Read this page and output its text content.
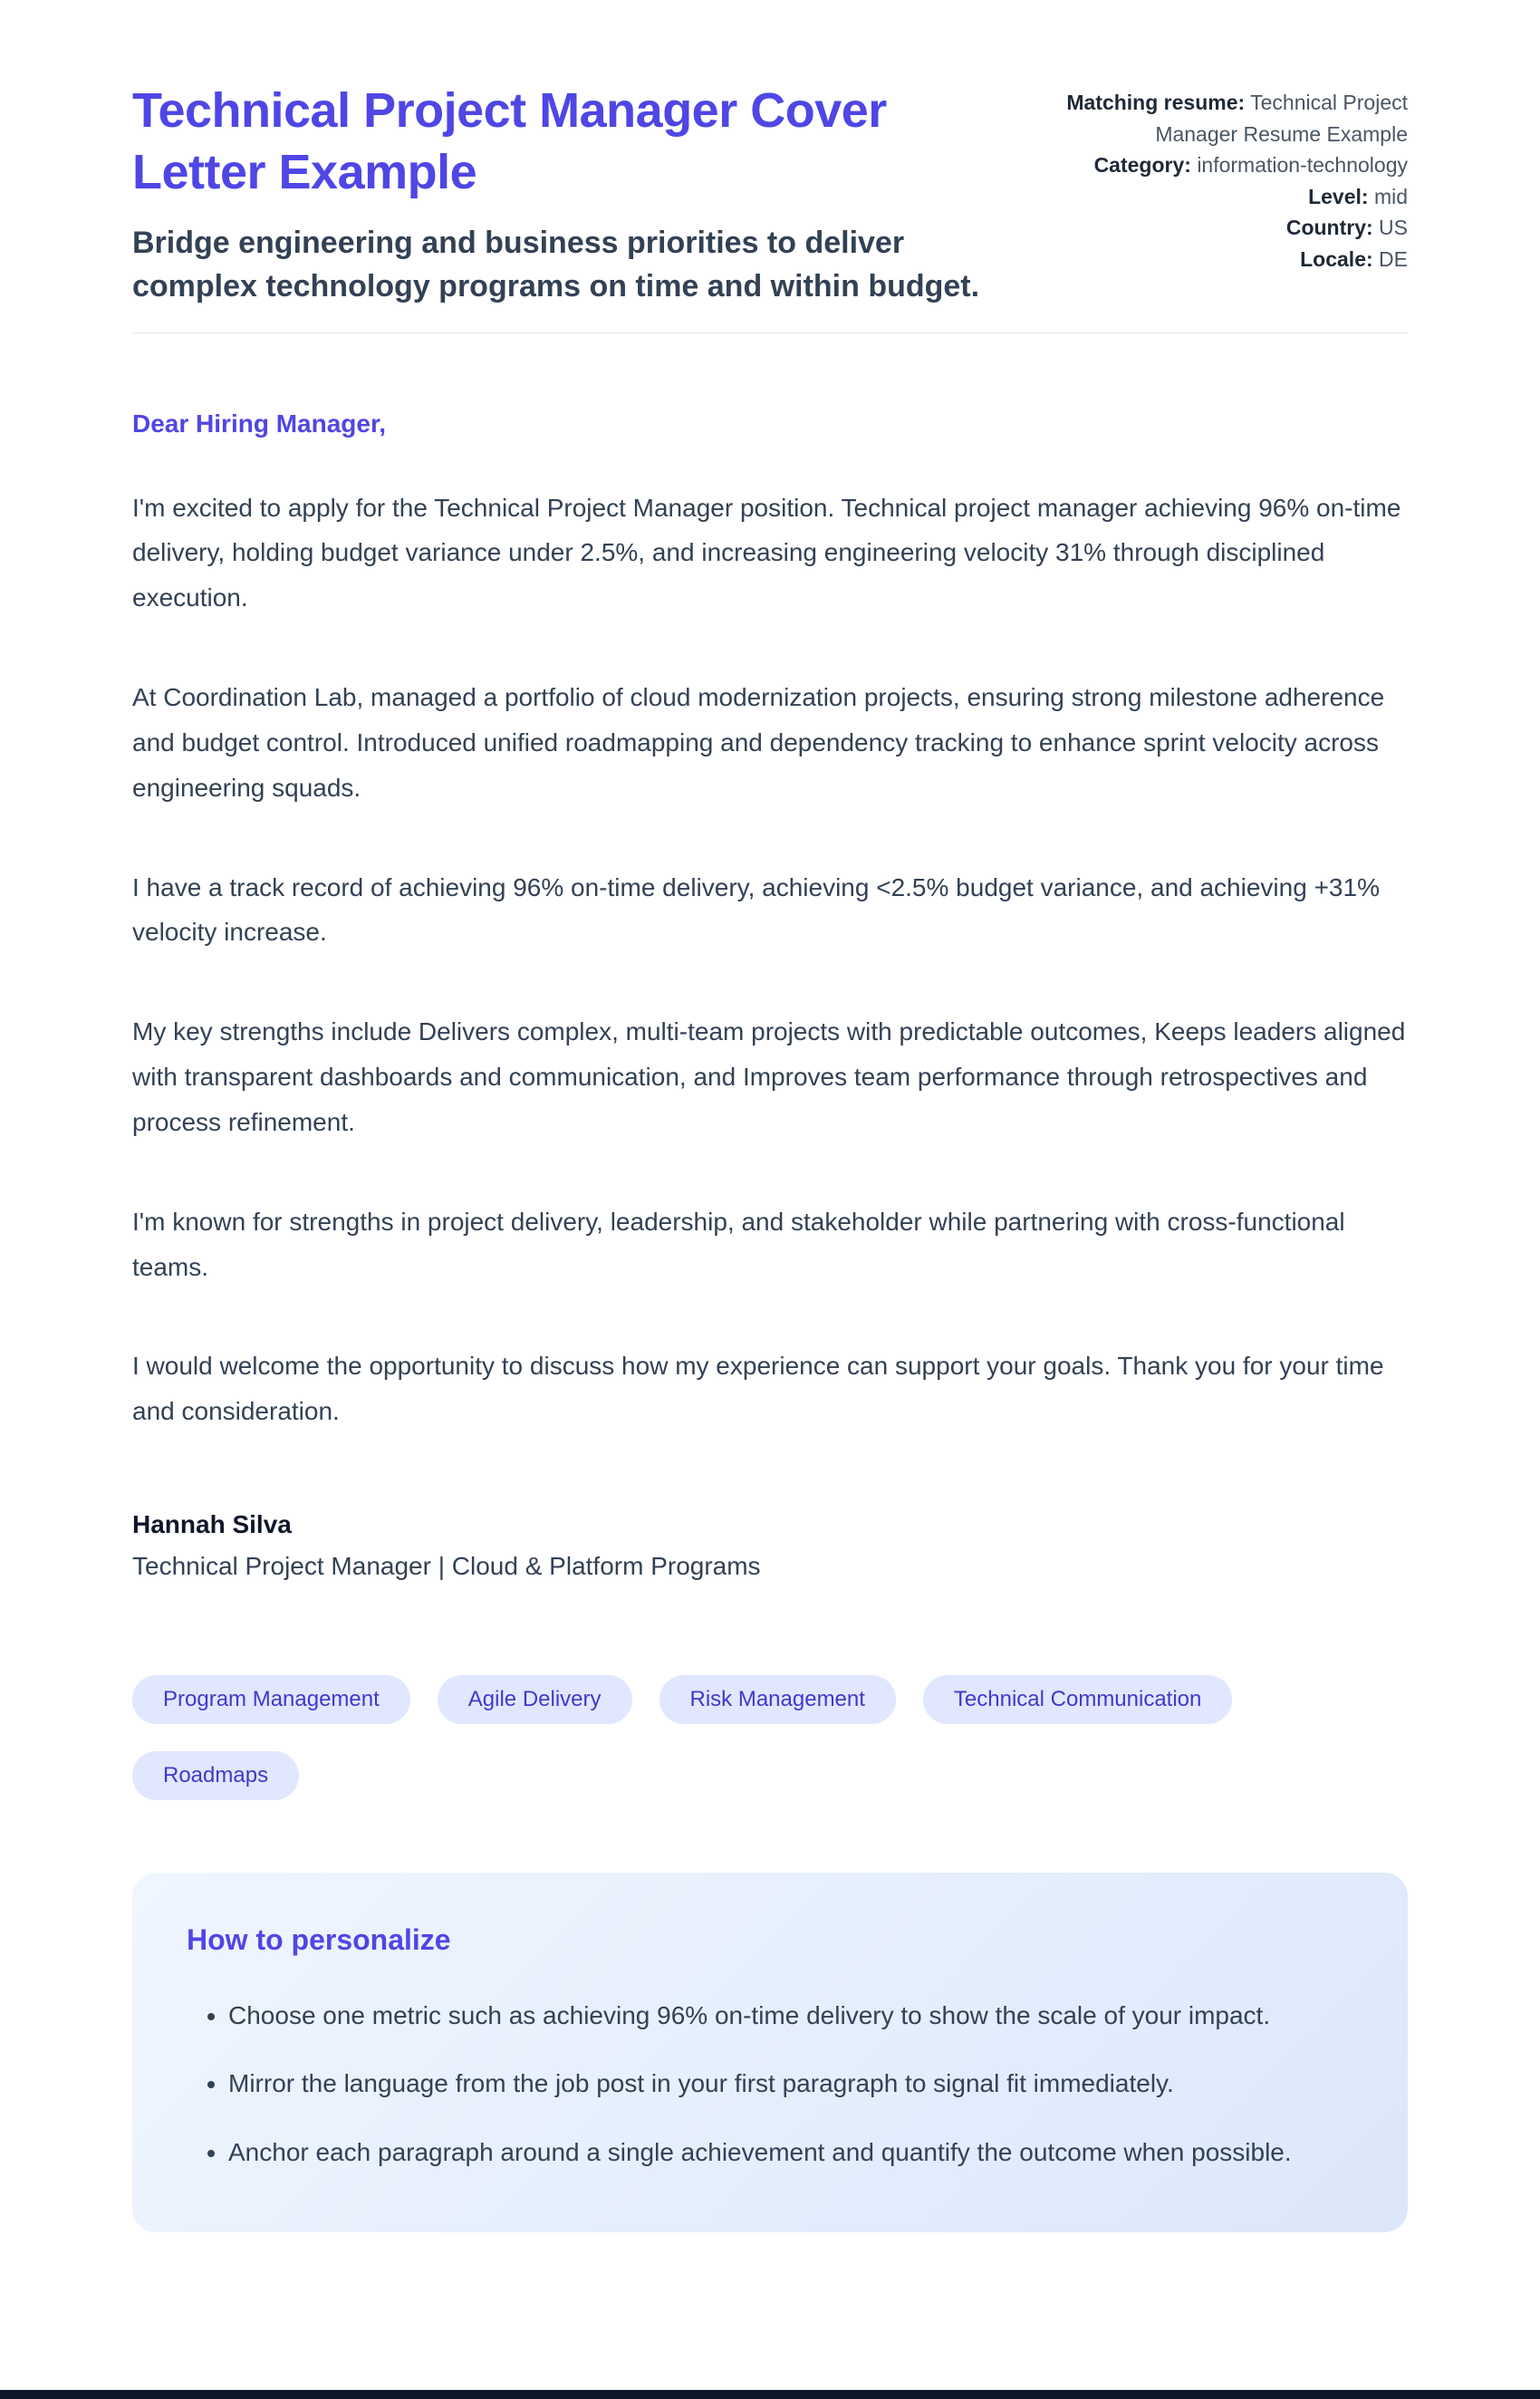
Technical Project Manager Cover Letter Example

Bridge engineering and business priorities to deliver complex technology programs on time and within budget.

Matching resume: Technical Project Manager Resume Example
Category: information-technology
Level: mid
Country: US
Locale: DE
Dear Hiring Manager,

I'm excited to apply for the Technical Project Manager position. Technical project manager achieving 96% on-time delivery, holding budget variance under 2.5%, and increasing engineering velocity 31% through disciplined execution.

At Coordination Lab, managed a portfolio of cloud modernization projects, ensuring strong milestone adherence and budget control. Introduced unified roadmapping and dependency tracking to enhance sprint velocity across engineering squads.

I have a track record of achieving 96% on-time delivery, achieving <2.5% budget variance, and achieving +31% velocity increase.

My key strengths include Delivers complex, multi-team projects with predictable outcomes, Keeps leaders aligned with transparent dashboards and communication, and Improves team performance through retrospectives and process refinement.

I'm known for strengths in project delivery, leadership, and stakeholder while partnering with cross-functional teams.

I would welcome the opportunity to discuss how my experience can support your goals. Thank you for your time and consideration.

Hannah Silva
Technical Project Manager | Cloud & Platform Programs
Program Management	Agile Delivery	Risk Management	Technical Communication
Roadmaps
How to personalize
• Choose one metric such as achieving 96% on-time delivery to show the scale of your impact.
• Mirror the language from the job post in your first paragraph to signal fit immediately.
• Anchor each paragraph around a single achievement and quantify the outcome when possible.
